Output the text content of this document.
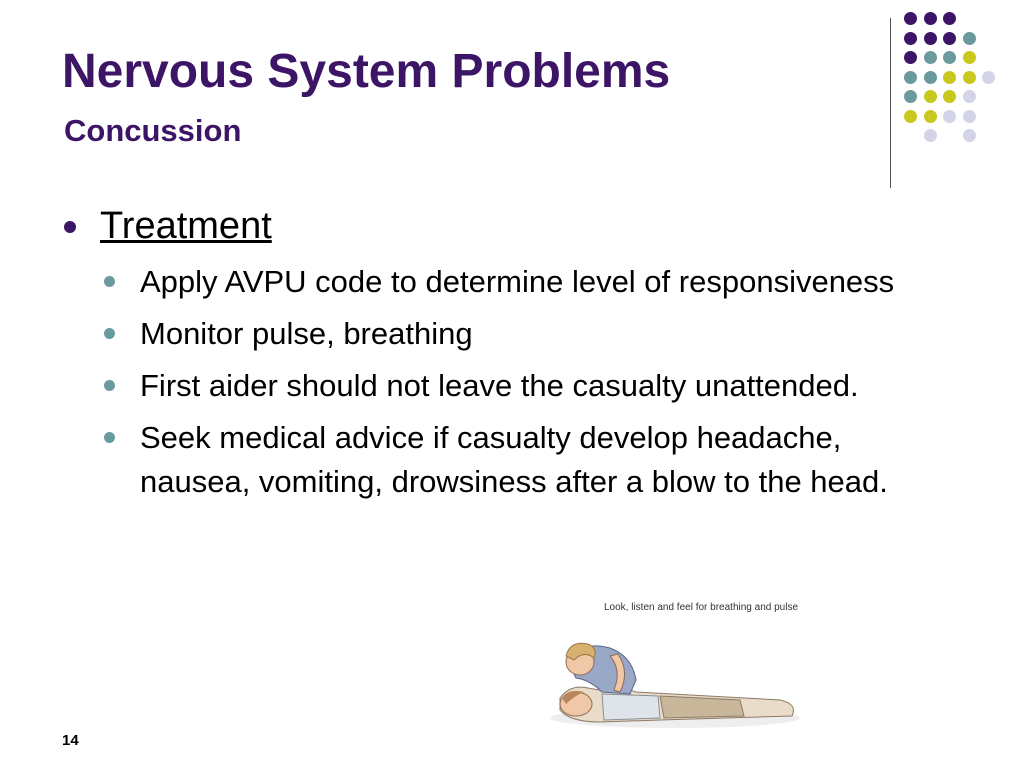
Nervous System Problems
Concussion
Treatment
Apply AVPU code to determine level of responsiveness
Monitor pulse, breathing
First aider should not leave the casualty unattended.
Seek medical advice if casualty develop headache, nausea, vomiting, drowsiness after a blow to the head.
Look, listen and feel for breathing and pulse
14
